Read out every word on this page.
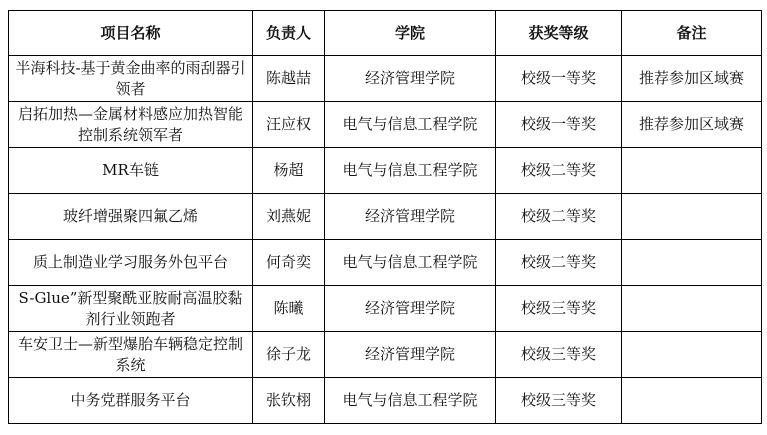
项目名称	负责人	学院	获奖等级	备注
半海科技-基于黄金曲率的雨刮器引领者	陈越喆	经济管理学院	校级一等奖	推荐参加区域赛
启拓加热—金属材料感应加热智能控制系统领军者	汪应权	电气与信息工程学院	校级一等奖	推荐参加区域赛
MR车链	杨超	电气与信息工程学院	校级二等奖	
玻纤增强聚四氟乙烯	刘燕妮	经济管理学院	校级二等奖	
质上制造业学习服务外包平台	何奇奕	电气与信息工程学院	校级二等奖	
S-Glue”新型聚酰亚胺耐高温胶黏剂行业领跑者	陈曦	经济管理学院	校级三等奖	
车安卫士—新型爆胎车辆稳定控制系统	徐子龙	经济管理学院	校级三等奖	
中务党群服务平台	张钦栩	电气与信息工程学院	校级三等奖	
